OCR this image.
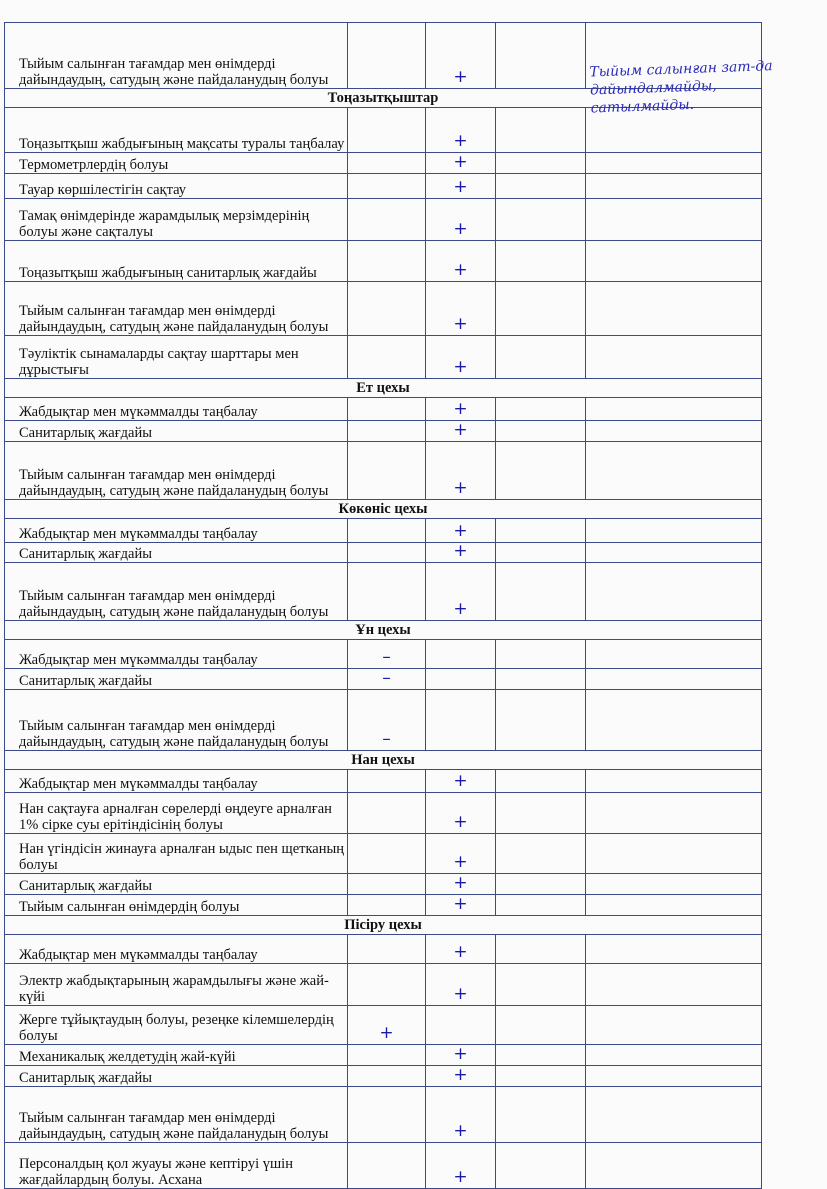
Тыйым салынған тағамдар мен өнімдерді дайындаудың, сатудың және пайдаланудың болуы		+		

Тоңазытқыштар				
Тоңазытқыш жабдығының мақсаты туралы таңбалау		+		

Термометрлердің болуы		+		

Тауар көршілестігін сақтау		+		

Тамақ өнімдерінде жарамдылық мерзімдерінің болуы және сақталуы		+		

Тоңазытқыш жабдығының санитарлық жағдайы		+		

Тыйым салынған тағамдар мен өнімдерді дайындаудың, сатудың және пайдаланудың болуы		+		

Тәуліктік сынамаларды сақтау шарттары мен дұрыстығы		+		

Ет цехы				
Жабдықтар мен мүкәммалды таңбалау		+		

Санитарлық жағдайы		+		

Тыйым салынған тағамдар мен өнімдерді дайындаудың, сатудың және пайдаланудың болуы		+		

Көкөніс цехы				
Жабдықтар мен мүкәммалды таңбалау		+		

Санитарлық жағдайы		+		

Тыйым салынған тағамдар мен өнімдерді дайындаудың, сатудың және пайдаланудың болуы		+		

Ұн цехы				
Жабдықтар мен мүкәммалды таңбалау	–			

Санитарлық жағдайы	–			

Тыйым салынған тағамдар мен өнімдерді дайындаудың, сатудың және пайдаланудың болуы	–			

Нан цехы				
Жабдықтар мен мүкәммалды таңбалау		+		

Нан сақтауға арналған сөрелерді өңдеуге арналған 1% сірке суы ерітіндісінің болуы		+		

Нан үгіндісін жинауға арналған ыдыс пен щетканың болуы		+		

Санитарлық жағдайы		+		

Тыйым салынған өнімдердің болуы		+		

Пісіру цехы				
Жабдықтар мен мүкәммалды таңбалау		+		

Электр жабдықтарының жарамдылығы және жай-күйі		+		

Жерге тұйықтаудың болуы, резеңке кілемшелердің болуы	+			

Механикалық желдетудің жай-күйі		+		

Санитарлық жағдайы		+		

Тыйым салынған тағамдар мен өнімдерді дайындаудың, сатудың және пайдаланудың болуы		+		

Персоналдың қол жуауы және кептіруі үшін жағдайлардың болуы. Асхана		+		

Тыйым салынған зат-да дайындалмайды, сатылмайды.
